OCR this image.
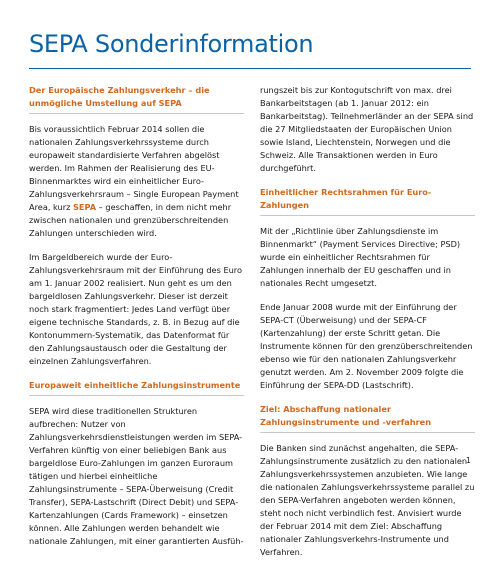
SEPA Sonderinformation

Der Europäische Zahlungsverkehr – die unmögliche Umstellung auf SEPA

Bis voraussichtlich Februar 2014 sollen die nationalen Zahlungsverkehrssysteme durch europaweit standardisierte Verfahren abgelöst werden. Im Rahmen der Realisierung des EU-Binnenmarktes wird ein einheitlicher Euro-Zahlungsverkehrsraum – Single European Payment Area, kurz SEPA – geschaffen, in dem nicht mehr zwischen nationalen und grenzüberschreitenden Zahlungen unterschieden wird.

Im Bargeldbereich wurde der Euro-Zahlungsverkehrsraum mit der Einführung des Euro am 1. Januar 2002 realisiert. Nun geht es um den bargeldlosen Zahlungsverkehr. Dieser ist derzeit noch stark fragmentiert: Jedes Land verfügt über eigene technische Standards, z. B. in Bezug auf die Kontonummern-Systematik, das Datenformat für den Zahlungsaustausch oder die Gestaltung der einzelnen Zahlungsverfahren.

Europaweit einheitliche Zahlungsinstrumente

SEPA wird diese traditionellen Strukturen aufbrechen: Nutzer von Zahlungsverkehrsdienstleistungen werden im SEPA-Verfahren künftig von einer beliebigen Bank aus bargeldlose Euro-Zahlungen im ganzen Euroraum tätigen und hierbei einheitliche Zahlungsinstrumente – SEPA-Überweisung (Credit Transfer), SEPA-Lastschrift (Direct Debit) und SEPA-Kartenzahlungen (Cards Framework) – einsetzen können. Alle Zahlungen werden behandelt wie nationale Zahlungen, mit einer garantierten Ausfüh-

rungszeit bis zur Kontogutschrift von max. drei Bankarbeitstagen (ab 1. Januar 2012: ein Bankarbeitstag). Teilnehmerländer an der SEPA sind die 27 Mitgliedstaaten der Europäischen Union sowie Island, Liechtenstein, Norwegen und die Schweiz. Alle Transaktionen werden in Euro durchgeführt.

Einheitlicher Rechtsrahmen für Euro-Zahlungen

Mit der „Richtlinie über Zahlungsdienste im Binnenmarkt“ (Payment Services Directive; PSD) wurde ein einheitlicher Rechtsrahmen für Zahlungen innerhalb der EU geschaffen und in nationales Recht umgesetzt.

Ende Januar 2008 wurde mit der Einführung der SEPA-CT (Überweisung) und der SEPA-CF (Kartenzahlung) der erste Schritt getan. Die Instrumente können für den grenzüberschreitenden ebenso wie für den nationalen Zahlungsverkehr genutzt werden. Am 2. November 2009 folgte die Einführung der SEPA-DD (Lastschrift).

Ziel: Abschaffung nationaler Zahlungsinstrumente und -verfahren

Die Banken sind zunächst angehalten, die SEPA-Zahlungsinstrumente zusätzlich zu den nationalen Zahlungsverkehrssystemen anzubieten. Wie lange die nationalen Zahlungsverkehrssysteme parallel zu den SEPA-Verfahren angeboten werden können, steht noch nicht verbindlich fest. Anvisiert wurde der Februar 2014 mit dem Ziel: Abschaffung nationaler Zahlungsverkehrs-Instrumente und Verfahren.

1
